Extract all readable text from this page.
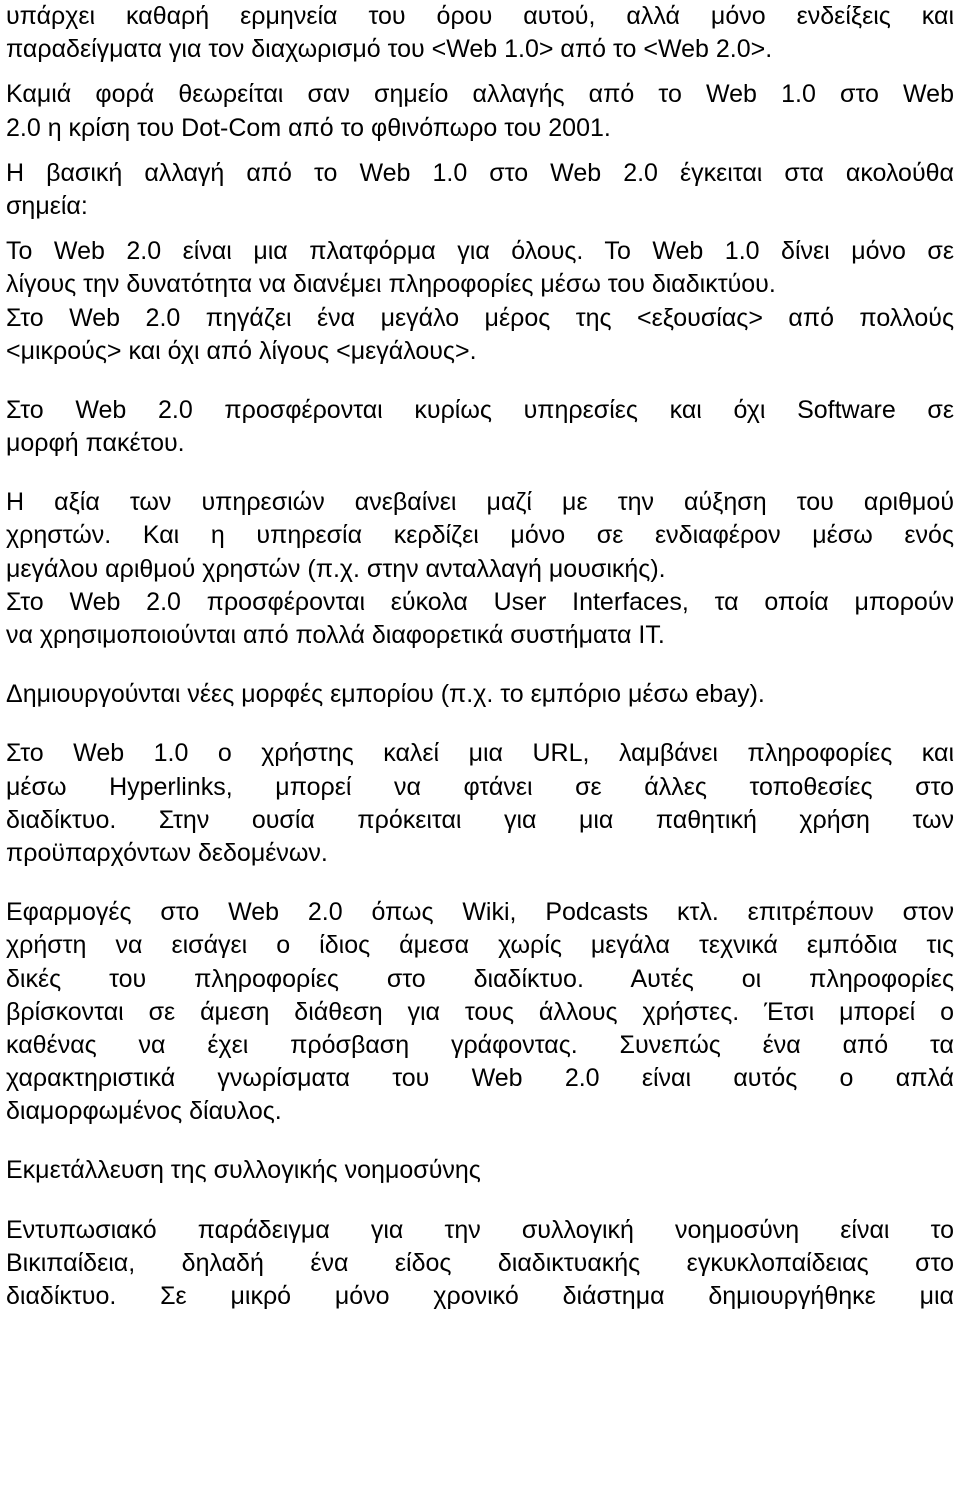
υπάρχει καθαρή ερμηνεία του όρου αυτού, αλλά μόνο ενδείξεις και
παραδείγματα για τον διαχωρισμό του <Web 1.0> από το <Web 2.0>.
Καμιά φορά θεωρείται σαν σημείο αλλαγής από το Web 1.0 στο Web
2.0 η κρίση του Dot-Com από το φθινόπωρο του 2001.
Η βασική αλλαγή από το Web 1.0 στο Web 2.0 έγκειται στα ακολούθα
σημεία:
Το Web 2.0 είναι μια πλατφόρμα για όλους. Το Web 1.0 δίνει μόνο σε
λίγους την δυνατότητα να διανέμει πληροφορίες μέσω του διαδικτύου.
Στο Web 2.0 πηγάζει ένα μεγάλο μέρος της <εξουσίας> από πολλούς
<μικρούς> και όχι από λίγους <μεγάλους>.
Στο Web 2.0 προσφέρονται κυρίως υπηρεσίες και όχι Software σε
μορφή πακέτου.
Η αξία των υπηρεσιών ανεβαίνει μαζί με την αύξηση του αριθμού
χρηστών. Και η υπηρεσία κερδίζει μόνο σε ενδιαφέρον μέσω ενός
μεγάλου αριθμού χρηστών (π.χ. στην ανταλλαγή μουσικής).
Στο Web 2.0 προσφέρονται εύκολα User Interfaces, τα οποία μπορούν
να χρησιμοποιούνται από πολλά διαφορετικά συστήματα IT.
Δημιουργούνται νέες μορφές εμπορίου (π.χ. το εμπόριο μέσω ebay).
Στο Web 1.0 ο χρήστης καλεί μια URL, λαμβάνει πληροφορίες και
μέσω Hyperlinks, μπορεί να φτάνει σε άλλες τοποθεσίες στο
διαδίκτυο. Στην ουσία πρόκειται για μια παθητική χρήση των
προϋπαρχόντων δεδομένων.
Εφαρμογές στο Web 2.0 όπως Wiki, Podcasts κτλ. επιτρέπουν στον
χρήστη να εισάγει ο ίδιος άμεσα χωρίς μεγάλα τεχνικά εμπόδια τις
δικές του πληροφορίες στο διαδίκτυο. Αυτές οι πληροφορίες
βρίσκονται σε άμεση διάθεση για τους άλλους χρήστες. Έτσι μπορεί ο
καθένας να έχει πρόσβαση γράφοντας. Συνεπώς ένα από τα
χαρακτηριστικά γνωρίσματα του Web 2.0 είναι αυτός ο απλά
διαμορφωμένος δίαυλος.
Εκμετάλλευση της συλλογικής νοημοσύνης
Εντυπωσιακό παράδειγμα για την συλλογική νοημοσύνη είναι το
Βικιπαίδεια, δηλαδή ένα είδος διαδικτυακής εγκυκλοπαίδειας στο
διαδίκτυο. Σε μικρό μόνο χρονικό διάστημα δημιουργήθηκε μια
